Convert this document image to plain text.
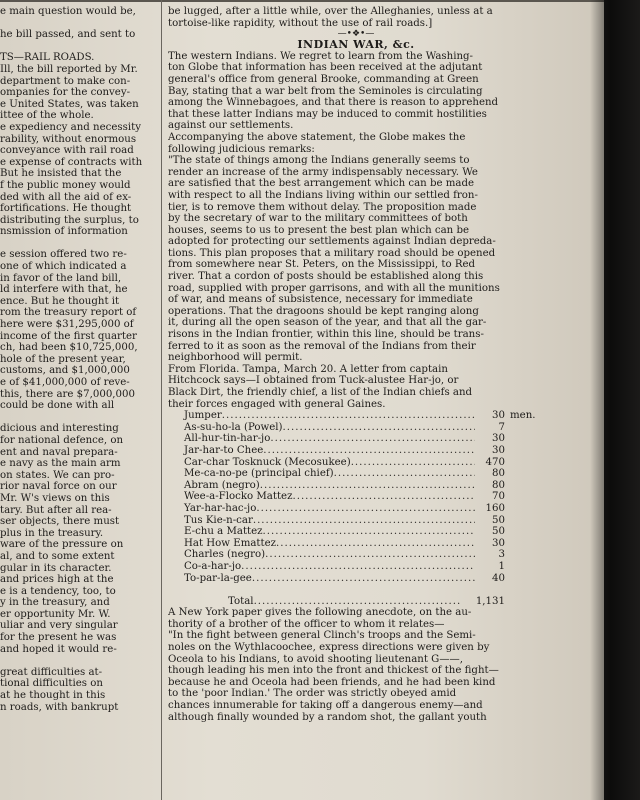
e main question would be,
he bill passed, and sent to
TS—RAIL ROADS.
Ill, the bill reported by Mr.
department to make con-
ompanies for the convey-
e United States, was taken
ittee of the whole.
e expediency and necessity
rability, without enormous
conveyance with rail road
e expense of contracts with
But he insisted that the
f the public money would
ded with all the aid of ex-
fortifications. He thought
distributing the surplus, to
nsmission of information
e session offered two re-
one of which indicated a
in favor of the land bill,
ld interfere with that, he
ence. But he thought it
rom the treasury report of
here were $31,295,000 of
income of the first quarter
ch, had been $10,725,000,
hole of the present year,
customs, and $1,000,000
e of $41,000,000 of reve-
this, there are $7,000,000
could be done with all
dicious and interesting
for national defence, on
ent and naval prepara-
e navy as the main arm
on states. We can pro-
rior naval force on our
Mr. W's views on this
tary. But after all rea-
ser objects, there must
plus in the treasury.
ware of the pressure on
al, and to some extent
gular in its character.
and prices high at the
e is a tendency, too, to
y in the treasury, and
er opportunity Mr. W.
uliar and very singular
for the present he was
and hoped it would re-
great difficulties at-
tional difficulties on
at he thought in this
n roads, with bankrupt
be lugged, after a little while, over the Alleghanies, unless at a
tortoise-like rapidity, without the use of rail roads.]
—•❖•—
INDIAN WAR, &c.
The western Indians. We regret to learn from the Washing-
ton Globe that information has been received at the adjutant
general's office from general Brooke, commanding at Green
Bay, stating that a war belt from the Seminoles is circulating
among the Winnebagoes, and that there is reason to apprehend
that these latter Indians may be induced to commit hostilities
against our settlements.
Accompanying the above statement, the Globe makes the
following judicious remarks:
"The state of things among the Indians generally seems to
render an increase of the army indispensably necessary. We
are satisfied that the best arrangement which can be made
with respect to all the Indians living within our settled fron-
tier, is to remove them without delay. The proposition made
by the secretary of war to the military committees of both
houses, seems to us to present the best plan which can be
adopted for protecting our settlements against Indian depreda-
tions. This plan proposes that a military road should be opened
from somewhere near St. Peters, on the Mississippi, to Red
river. That a cordon of posts should be established along this
road, supplied with proper garrisons, and with all the munitions
of war, and means of subsistence, necessary for immediate
operations. That the dragoons should be kept ranging along
it, during all the open season of the year, and that all the gar-
risons in the Indian frontier, within this line, should be trans-
ferred to it as soon as the removal of the Indians from their
neighborhood will permit.
From Florida. Tampa, March 20. A letter from captain
Hitchcock says—I obtained from Tuck-alustee Har-jo, or
Black Dirt, the friendly chief, a list of the Indian chiefs and
their forces engaged with general Gaines.
Jumper .....	30 men.
As-su-ho-la (Powel) .....	7
All-hur-tin-har-jo .....	30
Jar-har-to Chee .....	30
Car-char Tosknuck (Mecosukee) .....	470
Me-ca-no-pe (principal chief) .....	80
Abram (negro) .....	80
Wee-a-Flocko Mattez .....	70
Yar-har-hac-jo .....	160
Tus Kie-n-car .....	50
E-chu a Mattez .....	50
Hat How Emattez .....	30
Charles (negro) .....	3
Co-a-har-jo .....	1
To-par-la-gee .....	40
Total .....	1,131
A New York paper gives the following anecdote, on the au-
thority of a brother of the officer to whom it relates—
"In the fight between general Clinch's troops and the Semi-
noles on the Wythlacoochee, express directions were given by
Oceola to his Indians, to avoid shooting lieutenant G——,
though leading his men into the front and thickest of the fight—
because he and Oceola had been friends, and he had been kind
to the 'poor Indian.' The order was strictly obeyed amid
chances innumerable for taking off a dangerous enemy—and
although finally wounded by a random shot, the gallant youth
